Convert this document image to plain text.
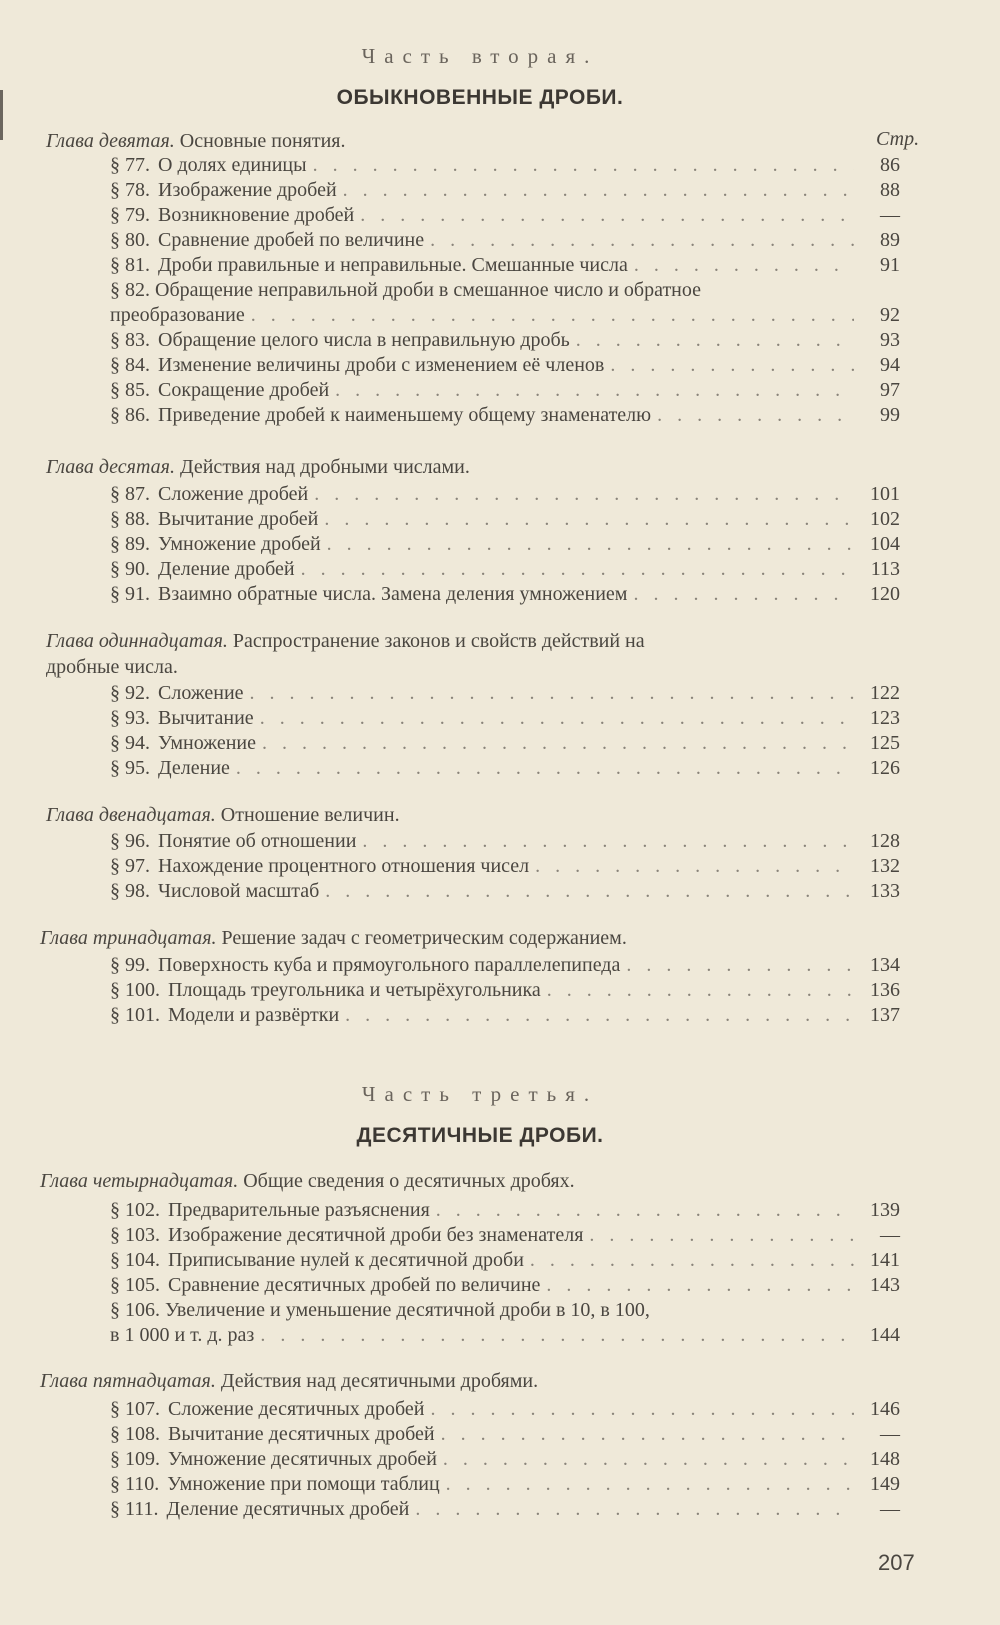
Часть вторая.
ОБЫКНОВЕННЫЕ ДРОБИ.
Глава девятая. Основные понятия.	Стр.
§ 77. О долях единицы . . .	86
§ 78. Изображение дробей . . .	88
§ 79. Возникновение дробей . . .	—
§ 80. Сравнение дробей по величине . . .	89
§ 81. Дроби правильные и неправильные. Смешанные числа . . .	91
§ 82. Обращение неправильной дроби в смешанное число и обратное
преобразование . . .	92
§ 83. Обращение целого числа в неправильную дробь . . .	93
§ 84. Изменение величины дроби с изменением её членов . . .	94
§ 85. Сокращение дробей . . .	97
§ 86. Приведение дробей к наименьшему общему знаменателю . . .	99
Глава десятая. Действия над дробными числами.
§ 87. Сложение дробей . . .	101
§ 88. Вычитание дробей . . .	102
§ 89. Умножение дробей . . .	104
§ 90. Деление дробей . . .	113
§ 91. Взаимно обратные числа. Замена деления умножением . . .	120
Глава одиннадцатая. Распространение законов и свойств действий на
дробные числа.
§ 92. Сложение . . .	122
§ 93. Вычитание . . .	123
§ 94. Умножение . . .	125
§ 95. Деление . . .	126
Глава двенадцатая. Отношение величин.
§ 96. Понятие об отношении . . .	128
§ 97. Нахождение процентного отношения чисел . . .	132
§ 98. Числовой масштаб . . .	133
Глава тринадцатая. Решение задач с геометрическим содержанием.
§ 99. Поверхность куба и прямоугольного параллелепипеда . . .	134
§ 100. Площадь треугольника и четырёхугольника . . .	136
§ 101. Модели и развёртки . . .	137
Часть третья.
ДЕСЯТИЧНЫЕ ДРОБИ.
Глава четырнадцатая. Общие сведения о десятичных дробях.
§ 102. Предварительные разъяснения . . .	139
§ 103. Изображение десятичной дроби без знаменателя . . .	—
§ 104. Приписывание нулей к десятичной дроби . . .	141
§ 105. Сравнение десятичных дробей по величине . . .	143
§ 106. Увеличение и уменьшение десятичной дроби в 10, в 100,
в 1 000 и т. д. раз . . .	144
Глава пятнадцатая. Действия над десятичными дробями.
§ 107. Сложение десятичных дробей . . .	146
§ 108. Вычитание десятичных дробей . . .	—
§ 109. Умножение десятичных дробей . . .	148
§ 110. Умножение при помощи таблиц . . .	149
§ 111. Деление десятичных дробей . . .	—
207
